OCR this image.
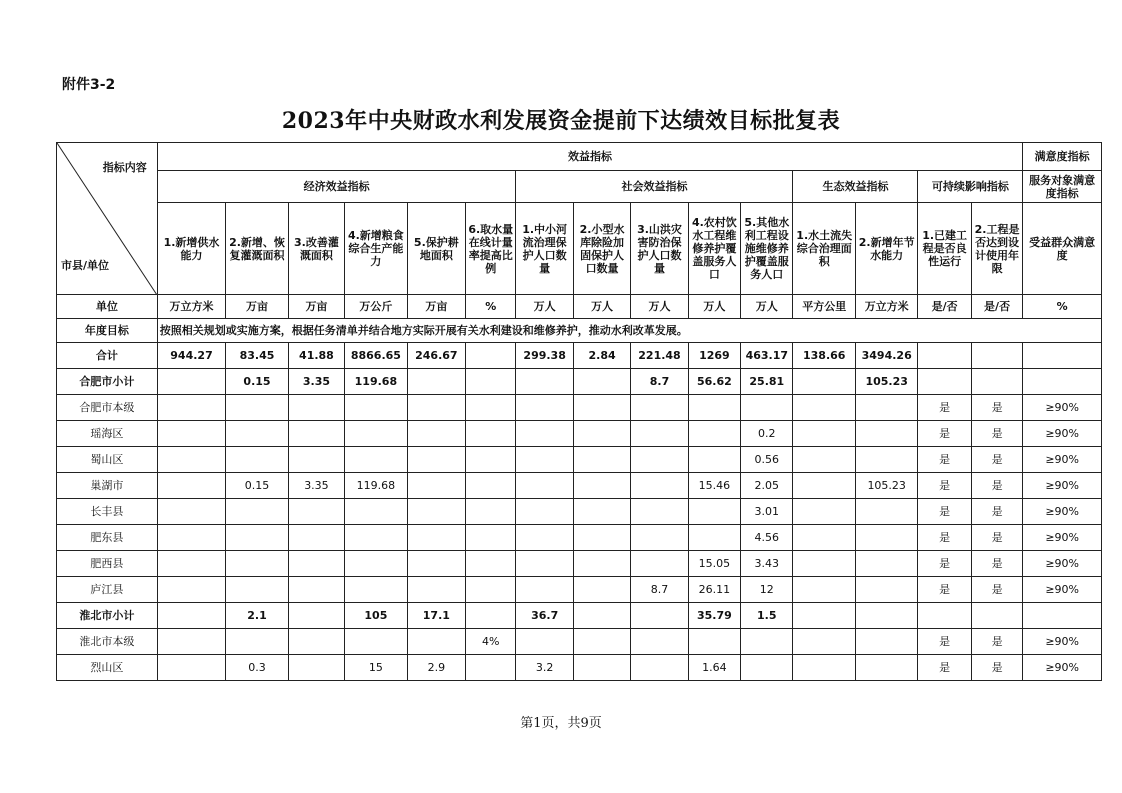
附件3-2
2023年中央财政水利发展资金提前下达绩效目标批复表
指标内容
市县/单位	效益指标															满意度指标
	经济效益指标						社会效益指标					生态效益指标		可持续影响指标		服务对象满意度指标
	1.新增供水能力	2.新增、恢复灌溉面积	3.改善灌溉面积	4.新增粮食综合生产能力	5.保护耕地面积	6.取水量在线计量率提高比例	1.中小河流治理保护人口数量	2.小型水库除险加固保护人口数量	3.山洪灾害防治保护人口数量	4.农村饮水工程维修养护覆盖服务人口	5.其他水利工程设施维修养护覆盖服务人口	1.水土流失综合治理面积	2.新增年节水能力	1.已建工程是否良性运行	2.工程是否达到设计使用年限	受益群众满意度
单位	万立方米	万亩	万亩	万公斤	万亩	%	万人	万人	万人	万人	万人	平方公里	万立方米	是/否	是/否	%
年度目标	按照相关规划或实施方案，根据任务清单并结合地方实际开展有关水利建设和维修养护，推动水利改革发展。															
合计	944.27	83.45	41.88	8866.65	246.67		299.38	2.84	221.48	1269	463.17	138.66	3494.26			
合肥市小计		0.15	3.35	119.68					8.7	56.62	25.81		105.23			
合肥市本级														是	是	≥90%
瑶海区											0.2			是	是	≥90%
蜀山区											0.56			是	是	≥90%
巢湖市		0.15	3.35	119.68						15.46	2.05		105.23	是	是	≥90%
长丰县											3.01			是	是	≥90%
肥东县											4.56			是	是	≥90%
肥西县										15.05	3.43			是	是	≥90%
庐江县									8.7	26.11	12			是	是	≥90%
淮北市小计		2.1		105	17.1		36.7			35.79	1.5					
淮北市本级						4%								是	是	≥90%
烈山区		0.3		15	2.9		3.2			1.64				是	是	≥90%
第1页，共9页
